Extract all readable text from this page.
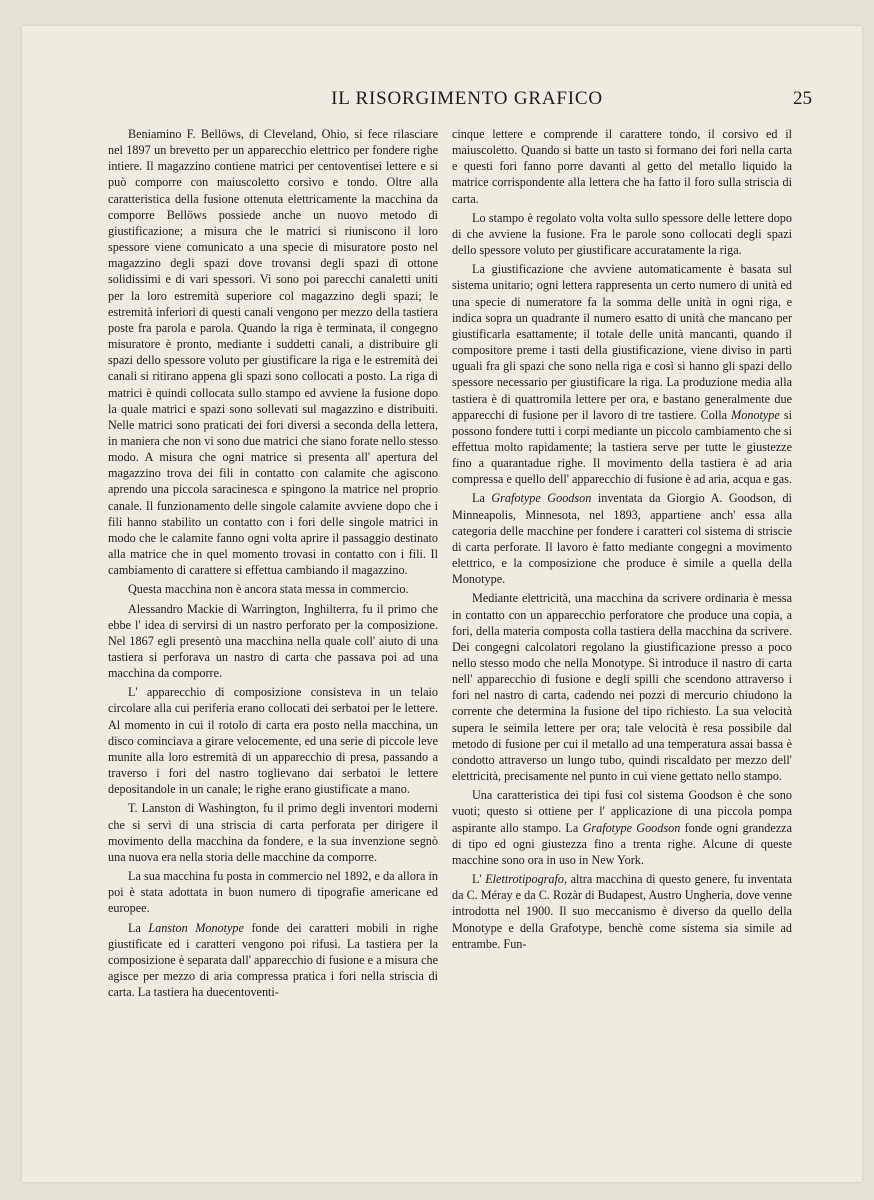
IL RISORGIMENTO GRAFICO	25

Beniamino F. Bellöws, di Cleveland, Ohio, si fece rilasciare nel 1897 un brevetto per un apparecchio elettrico per fondere righe intiere. Il magazzino contiene matrici per centoventisei lettere e si può comporre con maiuscoletto corsivo e tondo. Oltre alla caratteristica della fusione ottenuta elettricamente la macchina da comporre Bellöws possiede anche un nuovo metodo di giustificazione; a misura che le matrici si riuniscono il loro spessore viene comunicato a una specie di misuratore posto nel magazzino degli spazi dove trovansi degli spazi di ottone solidissimi e di vari spessori. Vi sono poi parecchi canaletti uniti per la loro estremità superiore col magazzino degli spazi; le estremità inferiori di questi canali vengono per mezzo della tastiera poste fra parola e parola. Quando la riga è terminata, il congegno misuratore è pronto, mediante i suddetti canali, a distribuire gli spazi dello spessore voluto per giustificare la riga e le estremità dei canali si ritirano appena gli spazi sono collocati a posto. La riga di matrici è quindi collocata sullo stampo ed avviene la fusione dopo la quale matrici e spazi sono sollevati sul magazzino e distribuiti. Nelle matrici sono praticati dei fori diversi a seconda della lettera, in maniera che non vi sono due matrici che siano forate nello stesso modo. A misura che ogni matrice si presenta all' apertura del magazzino trova dei fili in contatto con calamite che agiscono aprendo una piccola saracinesca e spingono la matrice nel proprio canale. Il funzionamento delle singole calamite avviene dopo che i fili hanno stabilito un contatto con i fori delle singole matrici in modo che le calamite fanno ogni volta aprire il passaggio destinato alla matrice che in quel momento trovasi in contatto con i fili. Il cambiamento di carattere si effettua cambiando il magazzino.

Questa macchina non è ancora stata messa in commercio.

Alessandro Mackie di Warrington, Inghilterra, fu il primo che ebbe l' idea di servirsi di un nastro perforato per la composizione. Nel 1867 egli presentò una macchina nella quale coll' aiuto di una tastiera si perforava un nastro di carta che passava poi ad una macchina da comporre.

L' apparecchio di composizione consisteva in un telaio circolare alla cui periferia erano collocati dei serbatoi per le lettere. Al momento in cui il rotolo di carta era posto nella macchina, un disco cominciava a girare velocemente, ed una serie di piccole leve munite alla loro estremità di un apparecchio di presa, passando a traverso i fori del nastro toglievano dai serbatoi le lettere depositandole in un canale; le righe erano giustificate a mano.

T. Lanston di Washington, fu il primo degli inventori moderni che si servì di una striscia di carta perforata per dirigere il movimento della macchina da fondere, e la sua invenzione segnò una nuova era nella storia delle macchine da comporre.

La sua macchina fu posta in commercio nel 1892, e da allora in poi è stata adottata in buon numero di tipografie americane ed europee.

La Lanston Monotype fonde dei caratteri mobili in righe giustificate ed i caratteri vengono poi rifusi. La tastiera per la composizione è separata dall' apparecchio di fusione e a misura che agisce per mezzo di aria compressa pratica i fori nella striscia di carta. La tastiera ha duecentoventi-

cinque lettere e comprende il carattere tondo, il corsivo ed il maiuscoletto. Quando si batte un tasto si formano dei fori nella carta e questi fori fanno porre davanti al getto del metallo liquido la matrice corrispondente alla lettera che ha fatto il foro sulla striscia di carta.

Lo stampo è regolato volta volta sullo spessore delle lettere dopo di che avviene la fusione. Fra le parole sono collocati degli spazi dello spessore voluto per giustificare accuratamente la riga.

La giustificazione che avviene automaticamente è basata sul sistema unitario; ogni lettera rappresenta un certo numero di unità ed una specie di numeratore fa la somma delle unità in ogni riga, e indica sopra un quadrante il numero esatto di unità che mancano per giustificarla esattamente; il totale delle unità mancanti, quando il compositore preme i tasti della giustificazione, viene diviso in parti uguali fra gli spazi che sono nella riga e così si hanno gli spazi dello spessore necessario per giustificare la riga. La produzione media alla tastiera è di quattromila lettere per ora, e bastano generalmente due apparecchi di fusione per il lavoro di tre tastiere. Colla Monotype si possono fondere tutti i corpi mediante un piccolo cambiamento che si effettua molto rapidamente; la tastiera serve per tutte le giustezze fino a quarantadue righe. Il movimento della tastiera è ad aria compressa e quello dell' apparecchio di fusione è ad aria, acqua e gas.

La Grafotype Goodson inventata da Giorgio A. Goodson, di Minneapolis, Minnesota, nel 1893, appartiene anch' essa alla categoria delle macchine per fondere i caratteri col sistema di striscie di carta perforate. Il lavoro è fatto mediante congegni a movimento elettrico, e la composizione che produce è simile a quella della Monotype.

Mediante elettricità, una macchina da scrivere ordinaria è messa in contatto con un apparecchio perforatore che produce una copia, a fori, della materia composta colla tastiera della macchina da scrivere. Dei congegni calcolatori regolano la giustificazione presso a poco nello stesso modo che nella Monotype. Si introduce il nastro di carta nell' apparecchio di fusione e degli spilli che scendono attraverso i fori nel nastro di carta, cadendo nei pozzi di mercurio chiudono la corrente che determina la fusione del tipo richiesto. La sua velocità supera le seimila lettere per ora; tale velocità è resa possibile dal metodo di fusione per cui il metallo ad una temperatura assai bassa è condotto attraverso un lungo tubo, quindi riscaldato per mezzo dell' elettricità, precisamente nel punto in cui viene gettato nello stampo.

Una caratteristica dei tipi fusi col sistema Goodson è che sono vuoti; questo si ottiene per l' applicazione di una piccola pompa aspirante allo stampo. La Grafotype Goodson fonde ogni grandezza di tipo ed ogni giustezza fino a trenta righe. Alcune di queste macchine sono ora in uso in New York.

L' Elettrotipografo, altra macchina di questo genere, fu inventata da C. Méray e da C. Rozàr di Budapest, Austro Ungheria, dove venne introdotta nel 1900. Il suo meccanismo è diverso da quello della Monotype e della Grafotype, benchè come sistema sia simile ad entrambe. Fun-
